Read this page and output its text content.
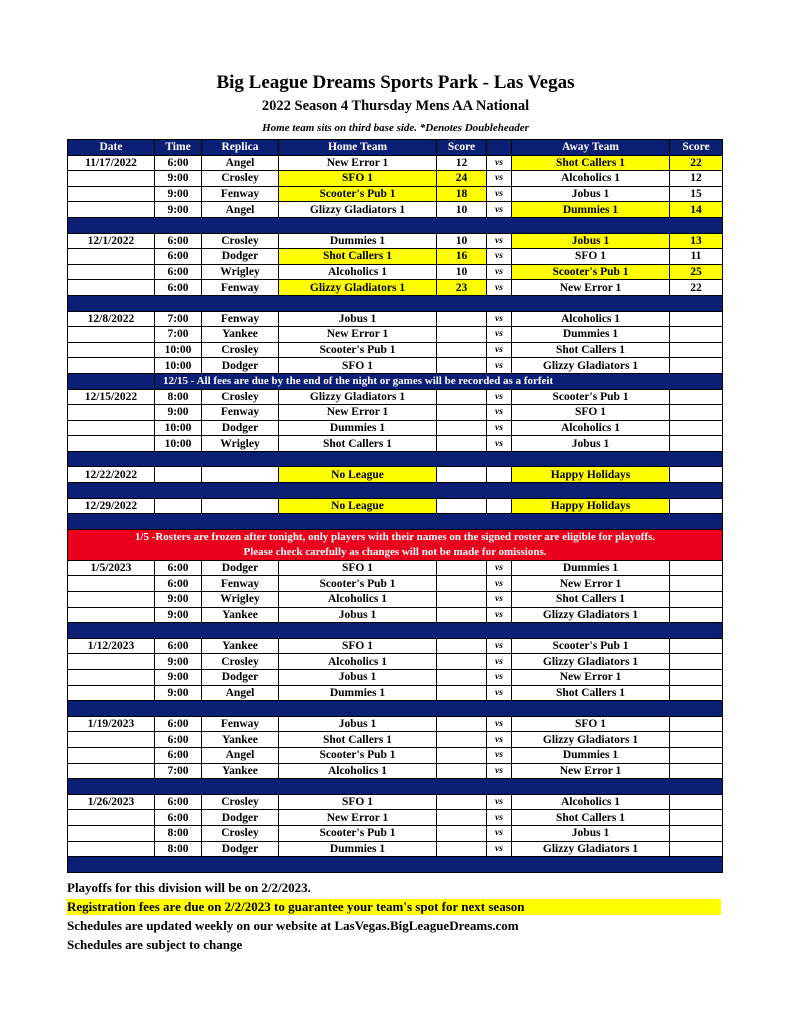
Big League Dreams Sports Park - Las Vegas
2022 Season 4 Thursday Mens AA National
Home team sits on third base side. *Denotes Doubleheader
Date	Time	Replica	Home Team	Score		Away Team	Score
11/17/2022	6:00	Angel	New Error 1	12	vs	Shot Callers 1	22
	9:00	Crosley	SFO 1	24	vs	Alcoholics 1	12
	9:00	Fenway	Scooter's Pub 1	18	vs	Jobus 1	15
	9:00	Angel	Glizzy Gladiators 1	10	vs	Dummies 1	14

12/1/2022	6:00	Crosley	Dummies 1	10	vs	Jobus 1	13
	6:00	Dodger	Shot Callers 1	16	vs	SFO 1	11
	6:00	Wrigley	Alcoholics 1	10	vs	Scooter's Pub 1	25
	6:00	Fenway	Glizzy Gladiators 1	23	vs	New Error 1	22

12/8/2022	7:00	Fenway	Jobus 1		vs	Alcoholics 1	
	7:00	Yankee	New Error 1		vs	Dummies 1	
	10:00	Crosley	Scooter's Pub 1		vs	Shot Callers 1	
	10:00	Dodger	SFO 1		vs	Glizzy Gladiators 1	
	12/15 - All fees are due by the end of the night or games will be recorded as a forfeit						
12/15/2022	8:00	Crosley	Glizzy Gladiators 1		vs	Scooter's Pub 1	
	9:00	Fenway	New Error 1		vs	SFO 1	
	10:00	Dodger	Dummies 1		vs	Alcoholics 1	
	10:00	Wrigley	Shot Callers 1		vs	Jobus 1	

12/22/2022			No League			Happy Holidays	

12/29/2022			No League			Happy Holidays	

1/5 -Rosters are frozen after tonight, only players with their names on the signed roster are eligible for playoffs.
Please check carefully as changes will not be made for omissions.							

1/5/2023	6:00	Dodger	SFO 1		vs	Dummies 1	
	6:00	Fenway	Scooter's Pub 1		vs	New Error 1	
	9:00	Wrigley	Alcoholics 1		vs	Shot Callers 1	
	9:00	Yankee	Jobus 1		vs	Glizzy Gladiators 1	

1/12/2023	6:00	Yankee	SFO 1		vs	Scooter's Pub 1	
	9:00	Crosley	Alcoholics 1		vs	Glizzy Gladiators 1	
	9:00	Dodger	Jobus 1		vs	New Error 1	
	9:00	Angel	Dummies 1		vs	Shot Callers 1	

1/19/2023	6:00	Fenway	Jobus 1		vs	SFO 1	
	6:00	Yankee	Shot Callers 1		vs	Glizzy Gladiators 1	
	6:00	Angel	Scooter's Pub 1		vs	Dummies 1	
	7:00	Yankee	Alcoholics 1		vs	New Error 1	

1/26/2023	6:00	Crosley	SFO 1		vs	Alcoholics 1	
	6:00	Dodger	New Error 1		vs	Shot Callers 1	
	8:00	Crosley	Scooter's Pub 1		vs	Jobus 1	
	8:00	Dodger	Dummies 1		vs	Glizzy Gladiators 1	

Playoffs for this division will be on 2/2/2023.
Registration fees are due on 2/2/2023 to guarantee your team's spot for next season
Schedules are updated weekly on our website at LasVegas.BigLeagueDreams.com
Schedules are subject to change
